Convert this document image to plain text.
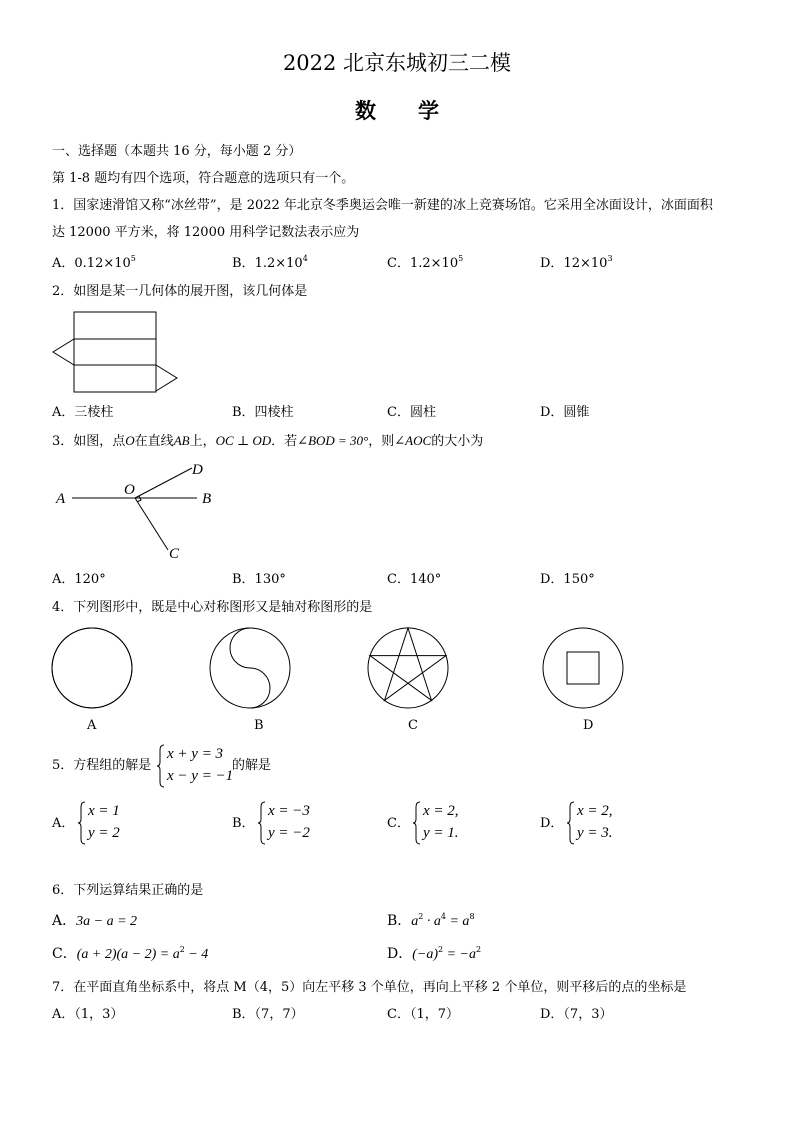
2022 北京东城初三二模
数　　学
一、选择题（本题共 16 分，每小题 2 分）
第 1-8 题均有四个选项，符合题意的选项只有一个。
1．国家速滑馆又称“冰丝带”，是 2022 年北京冬季奥运会唯一新建的冰上竞赛场馆。它采用全冰面设计，冰面面积
达 12000 平方米，将 12000 用科学记数法表示应为
A．$0.12\times 10^5$	B．$1.2\times 10^4$	C．$1.2\times 10^5$	D．$12\times 10^3$
2．如图是某一几何体的展开图，该几何体是
A．三棱柱	B．四棱柱	C．圆柱	D．圆锥
3．如图，点O在直线AB上，OC ⊥ OD．若∠BOD = 30°，则∠AOC的大小为
A
O
B
D
C
A．120°	B．130°	C．140°	D．150°
4．下列图形中，既是中心对称图形又是轴对称图形的是
A	B	C	D
5．方程组的解是
x + y = 3
x − y = −1
的解是
A．
x = 1
y = 2
B．
x = −3
y = −2
C．
x = 2,
y = 1.
D．
x = 2,
y = 3.
6．下列运算结果正确的是
A．3a − a = 2	B．$a^2 \cdot a^4 = a^8$
C．$(a + 2)(a - 2) = a^2 - 4$	D．$(-a)^2 = -a^2$
7．在平面直角坐标系中，将点 M（4，5）向左平移 3 个单位，再向上平移 2 个单位，则平移后的点的坐标是
A．（1，3）	B．（7，7）	C．（1，7）	D．（7，3）
